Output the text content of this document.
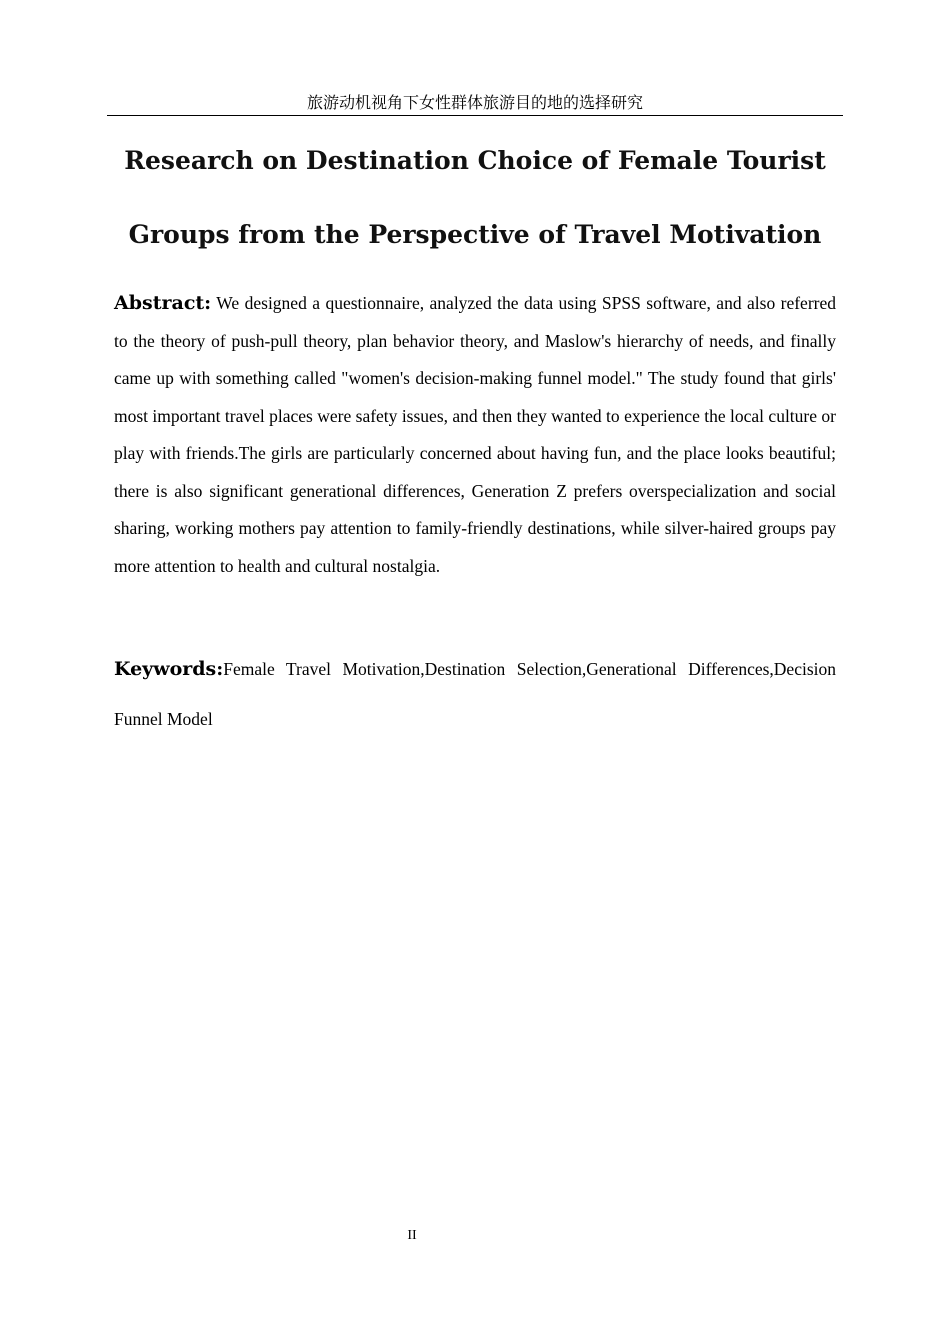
旅游动机视角下女性群体旅游目的地的选择研究
Research on Destination Choice of Female Tourist
Groups from the Perspective of Travel Motivation

Abstract: We designed a questionnaire, analyzed the data using SPSS software, and also referred to the theory of push-pull theory, plan behavior theory, and Maslow's hierarchy of needs, and finally came up with something called "women's decision-making funnel model." The study found that girls' most important travel places were safety issues, and then they wanted to experience the local culture or play with friends.The girls are particularly concerned about having fun, and the place looks beautiful; there is also significant generational differences, Generation Z prefers overspecialization and social sharing, working mothers pay attention to family-friendly destinations, while silver-haired groups pay more attention to health and cultural nostalgia.

Keywords:Female Travel Motivation,Destination Selection,Generational Differences,Decision Funnel Model

II
